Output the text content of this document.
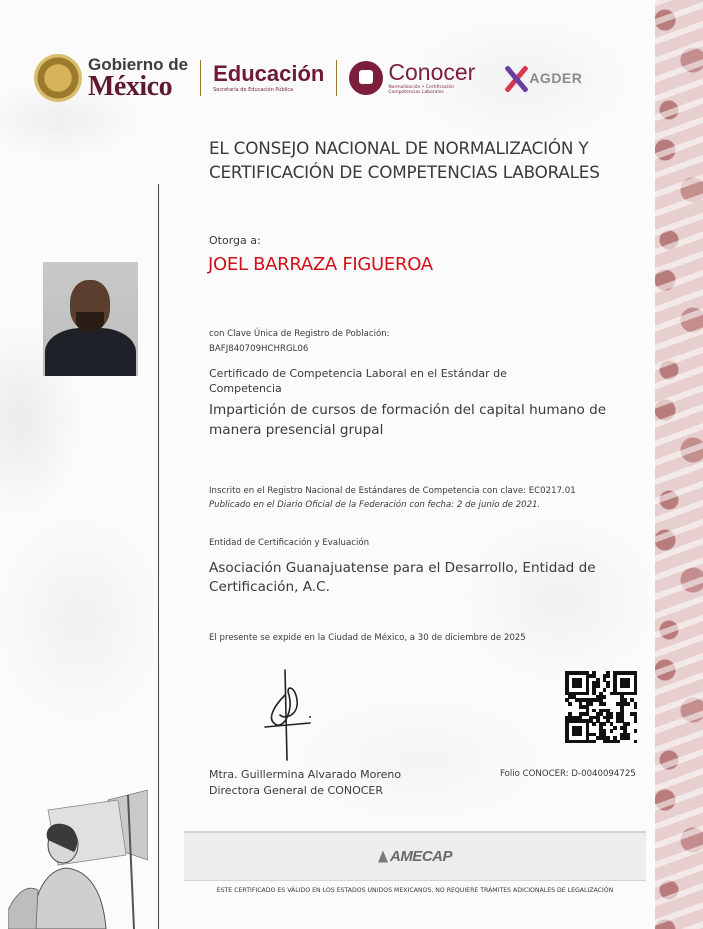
Gobierno de
México	Educación
Secretaría de Educación Pública
Conocer
Normalización • Certificación
Competencias Laborales
AGDER
EL CONSEJO NACIONAL DE NORMALIZACIÓN Y
CERTIFICACIÓN DE COMPETENCIAS LABORALES
Otorga a:
JOEL BARRAZA FIGUEROA
con Clave Única de Registro de Población:
BAFJ840709HCHRGL06
Certificado de Competencia Laboral en el Estándar de
Competencia
Impartición de cursos de formación del capital humano de
manera presencial grupal
Inscrito en el Registro Nacional de Estándares de Competencia con clave: EC0217.01
Publicado en el Diario Oficial de la Federación con fecha: 2 de junio de 2021.
Entidad de Certificación y Evaluación
Asociación Guanajuatense para el Desarrollo, Entidad de
Certificación, A.C.
El presente se expide en la Ciudad de México, a 30 de diciembre de 2025
Mtra. Guillermina Alvarado Moreno
Directora General de CONOCER
Folio CONOCER: D-0040094725
AMECAP
ESTE CERTIFICADO ES VÁLIDO EN LOS ESTADOS UNIDOS MEXICANOS, NO REQUIERE TRÁMITES ADICIONALES DE LEGALIZACIÓN
